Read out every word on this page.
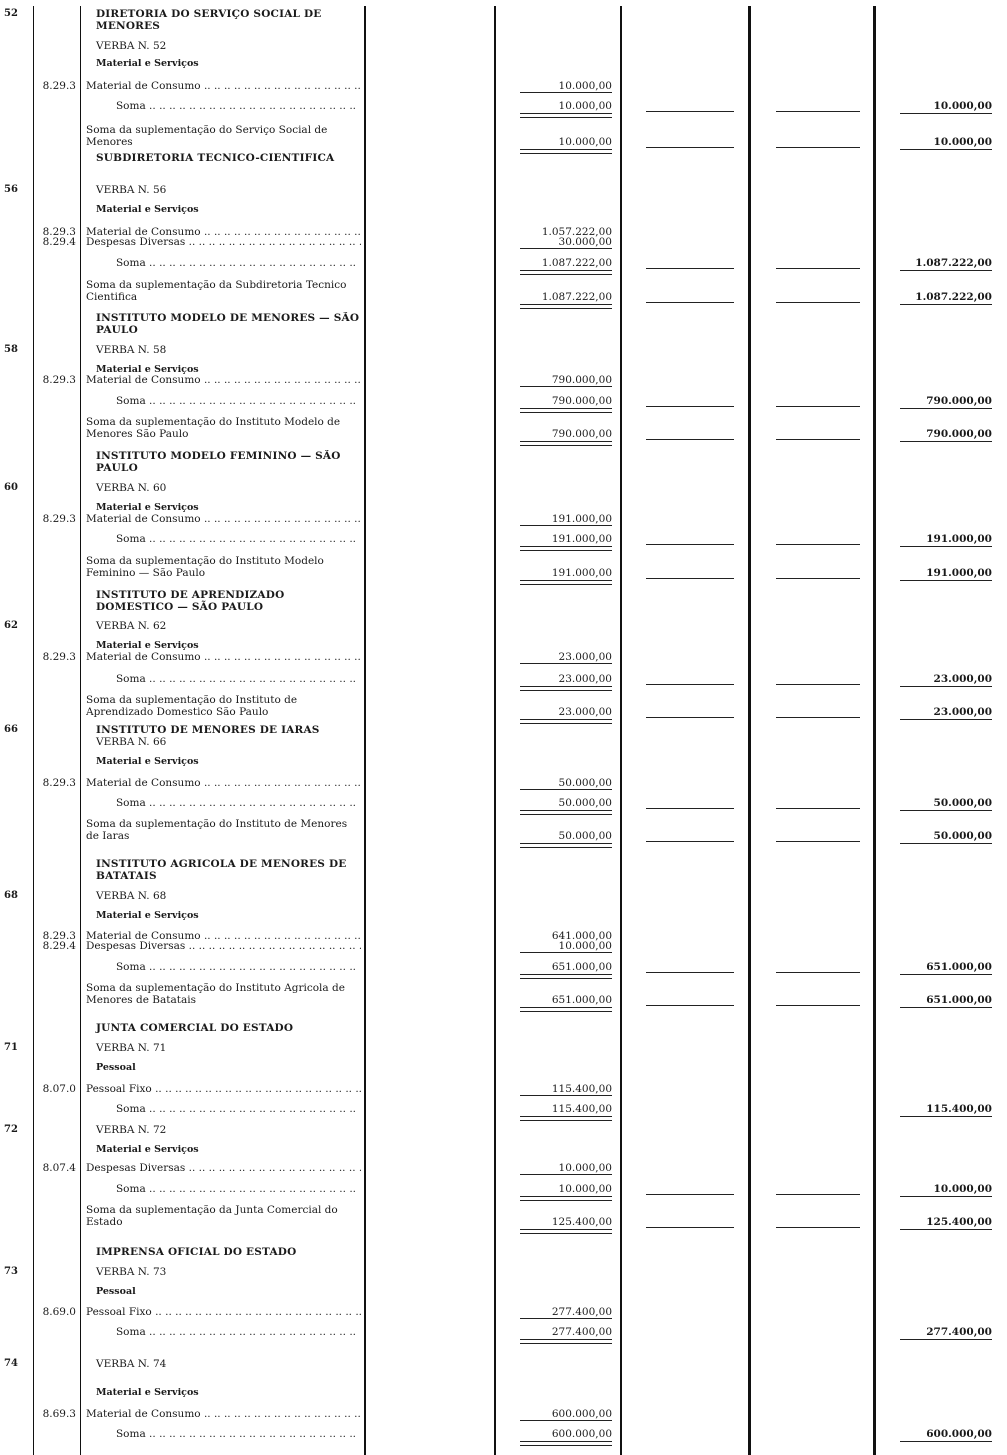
52	DIRETORIA DO SERVIÇO SOCIAL DE MENORES
VERBA N. 52
Material e Serviços
8.29.3 Material de Consumo .. ..	10.000,00
Soma .. ..	10.000,00	10.000,00
Soma da suplementação do Serviço Social de Menores	10.000,00	10.000,00
SUBDIRETORIA TECNICO-CIENTIFICA
56	VERBA N. 56
Material e Serviços
8.29.3 Material de Consumo .. ..	1.057.222,00
8.29.4 Despesas Diversas .. ..	30.000,00
Soma .. ..	1.087.222,00	1.087.222,00
Soma da suplementação da Subdiretoria Tecnico Cientifica	1.087.222,00	1.087.222,00
INSTITUTO MODELO DE MENORES — SÃO PAULO
58	VERBA N. 58
Material e Serviços
8.29.3 Material de Consumo .. ..	790.000,00
Soma .. ..	790.000,00	790.000,00
Soma da suplementação do Instituto Modelo de Menores São Paulo	790.000,00	790.000,00
INSTITUTO MODELO FEMININO — SÃO PAULO
60	VERBA N. 60
Material e Serviços
8.29.3 Material de Consumo .. ..	191.000,00
Soma .. ..	191.000,00	191.000,00
Soma da suplementação do Instituto Modelo Feminino — São Paulo	191.000,00	191.000,00
INSTITUTO DE APRENDIZADO DOMESTICO — SÃO PAULO
62	VERBA N. 62
Material e Serviços
8.29.3 Material de Consumo .. ..	23.000,00
Soma .. ..	23.000,00	23.000,00
Soma da suplementação do Instituto de Aprendizado Domestico São Paulo	23.000,00	23.000,00
66	INSTITUTO DE MENORES DE IARAS
VERBA N. 66
Material e Serviços
8.29.3 Material de Consumo .. ..	50.000,00
Soma .. ..	50.000,00	50.000,00
Soma da suplementação do Instituto de Menores de Iaras	50.000,00	50.000,00
INSTITUTO AGRICOLA DE MENORES DE BATATAIS
68	VERBA N. 68
Material e Serviços
8.29.3 Material de Consumo .. ..	641.000,00
8.29.4 Despesas Diversas .. ..	10.000,00
Soma .. ..	651.000,00	651.000,00
Soma da suplementação do Instituto Agricola de Menores de Batatais	651.000,00	651.000,00
JUNTA COMERCIAL DO ESTADO
71	VERBA N. 71
Pessoal
8.07.0 Pessoal Fixo .. ..	115.400,00
Soma .. ..	115.400,00	115.400,00
72	VERBA N. 72
Material e Serviços
8.07.4 Despesas Diversas .. ..	10.000,00
Soma .. ..	10.000,00	10.000,00
Soma da suplementação da Junta Comercial do Estado	125.400,00	125.400,00
IMPRENSA OFICIAL DO ESTADO
73	VERBA N. 73
Pessoal
8.69.0 Pessoal Fixo .. ..	277.400,00
Soma .. ..	277.400,00	277.400,00
74	VERBA N. 74
Material e Serviços
8.69.3 Material de Consumo .. ..	600.000,00
Soma .. ..	600.000,00	600.000,00
